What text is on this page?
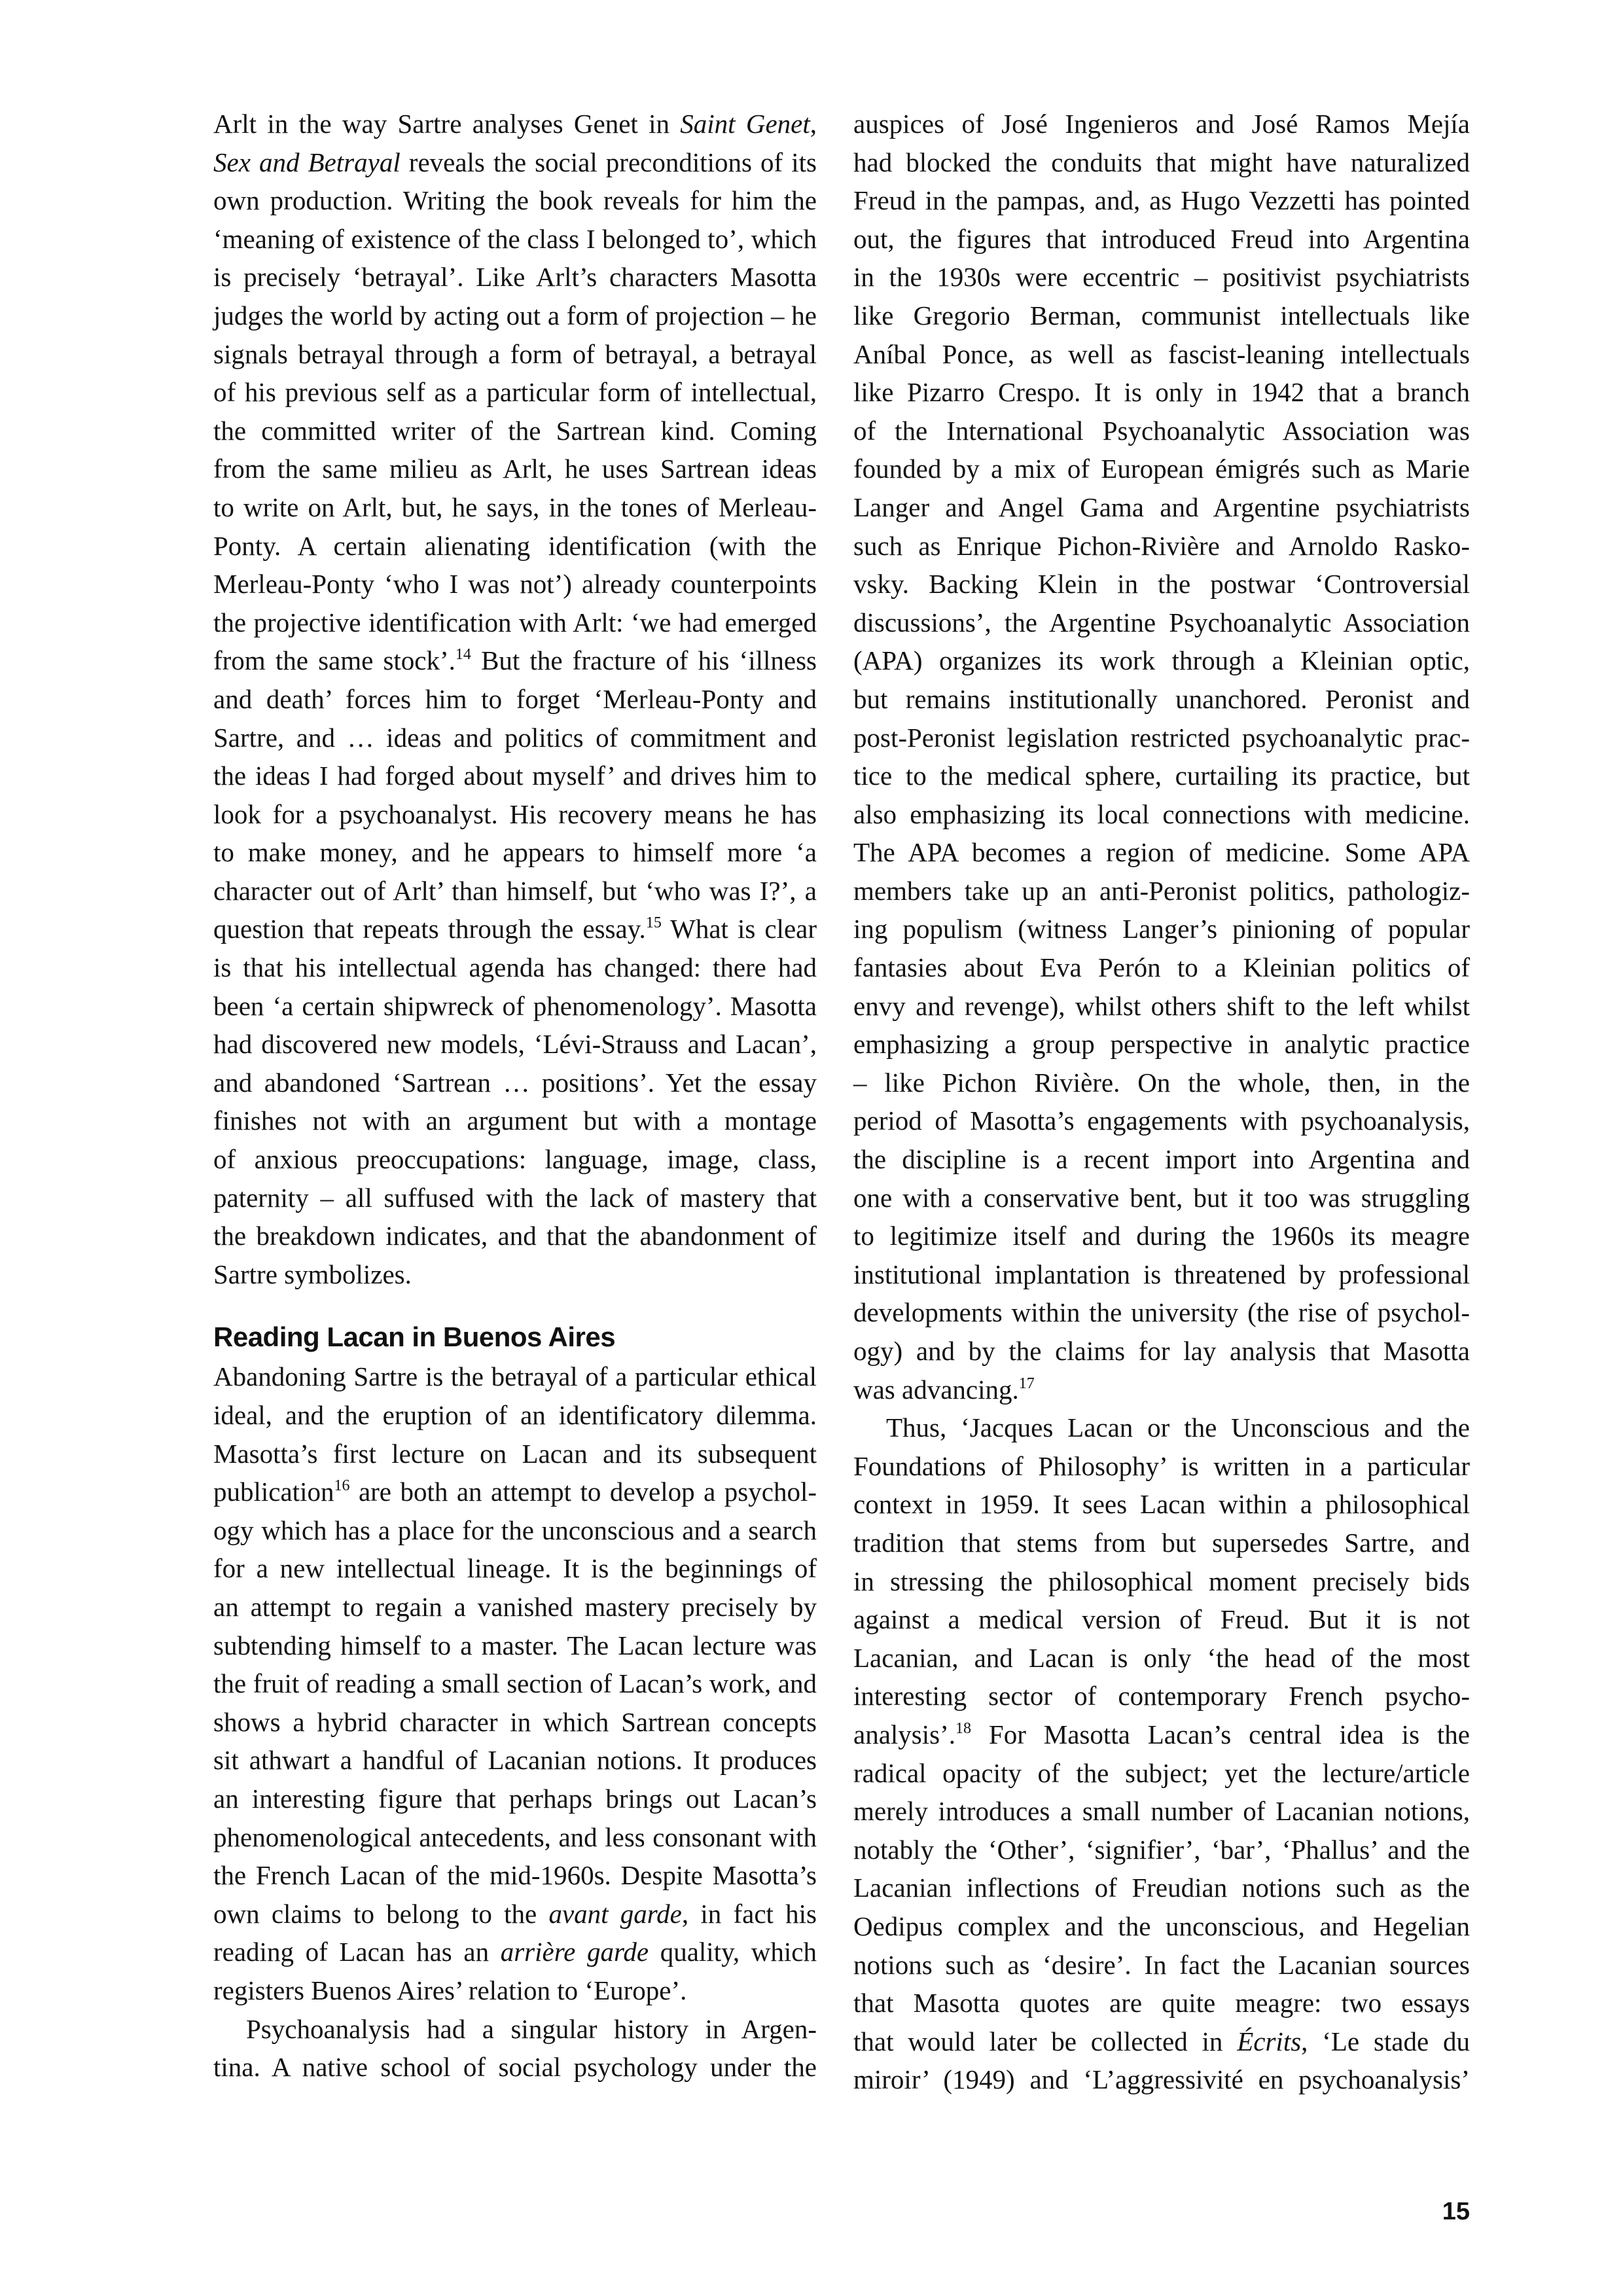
Arlt in the way Sartre analyses Genet in Saint Genet,
Sex and Betrayal reveals the social preconditions of its
own production. Writing the book reveals for him the
‘meaning of existence of the class I belonged to’, which
is precisely ‘betrayal’. Like Arlt’s characters Masotta
judges the world by acting out a form of projection – he
signals betrayal through a form of betrayal, a betrayal
of his previous self as a particular form of intellectual,
the committed writer of the Sartrean kind. Coming
from the same milieu as Arlt, he uses Sartrean ideas
to write on Arlt, but, he says, in the tones of Merleau-
Ponty. A certain alienating identification (with the
Merleau-Ponty ‘who I was not’) already counterpoints
the projective identification with Arlt: ‘we had emerged
from the same stock’.$^{14}$ But the fracture of his ‘illness
and death’ forces him to forget ‘Merleau-Ponty and
Sartre, and … ideas and politics of commitment and
the ideas I had forged about myself’ and drives him to
look for a psychoanalyst. His recovery means he has
to make money, and he appears to himself more ‘a
character out of Arlt’ than himself, but ‘who was I?’, a
question that repeats through the essay.$^{15}$ What is clear
is that his intellectual agenda has changed: there had
been ‘a certain shipwreck of phenomenology’. Masotta
had discovered new models, ‘Lévi-Strauss and Lacan’,
and abandoned ‘Sartrean … positions’. Yet the essay
finishes not with an argument but with a montage
of anxious preoccupations: language, image, class,
paternity – all suffused with the lack of mastery that
the breakdown indicates, and that the abandonment of
Sartre symbolizes.
Reading Lacan in Buenos Aires
Abandoning Sartre is the betrayal of a particular ethical
ideal, and the eruption of an identificatory dilemma.
Masotta’s first lecture on Lacan and its subsequent
publication$^{16}$ are both an attempt to develop a psychol-
ogy which has a place for the unconscious and a search
for a new intellectual lineage. It is the beginnings of
an attempt to regain a vanished mastery precisely by
subtending himself to a master. The Lacan lecture was
the fruit of reading a small section of Lacan’s work, and
shows a hybrid character in which Sartrean concepts
sit athwart a handful of Lacanian notions. It produces
an interesting figure that perhaps brings out Lacan’s
phenomenological antecedents, and less consonant with
the French Lacan of the mid-1960s. Despite Masotta’s
own claims to belong to the avant garde, in fact his
reading of Lacan has an arrière garde quality, which
registers Buenos Aires’ relation to ‘Europe’.
Psychoanalysis had a singular history in Argen-
tina. A native school of social psychology under the
auspices of José Ingenieros and José Ramos Mejía
had blocked the conduits that might have naturalized
Freud in the pampas, and, as Hugo Vezzetti has pointed
out, the figures that introduced Freud into Argentina
in the 1930s were eccentric – positivist psychiatrists
like Gregorio Berman, communist intellectuals like
Aníbal Ponce, as well as fascist-leaning intellectuals
like Pizarro Crespo. It is only in 1942 that a branch
of the International Psychoanalytic Association was
founded by a mix of European émigrés such as Marie
Langer and Angel Gama and Argentine psychiatrists
such as Enrique Pichon-Rivière and Arnoldo Rasko-
vsky. Backing Klein in the postwar ‘Controversial
discussions’, the Argentine Psychoanalytic Association
(APA) organizes its work through a Kleinian optic,
but remains institutionally unanchored. Peronist and
post-Peronist legislation restricted psychoanalytic prac-
tice to the medical sphere, curtailing its practice, but
also emphasizing its local connections with medicine.
The APA becomes a region of medicine. Some APA
members take up an anti-Peronist politics, pathologiz-
ing populism (witness Langer’s pinioning of popular
fantasies about Eva Perón to a Kleinian politics of
envy and revenge), whilst others shift to the left whilst
emphasizing a group perspective in analytic practice
– like Pichon Rivière. On the whole, then, in the
period of Masotta’s engagements with psychoanalysis,
the discipline is a recent import into Argentina and
one with a conservative bent, but it too was struggling
to legitimize itself and during the 1960s its meagre
institutional implantation is threatened by professional
developments within the university (the rise of psychol-
ogy) and by the claims for lay analysis that Masotta
was advancing.$^{17}$
Thus, ‘Jacques Lacan or the Unconscious and the
Foundations of Philosophy’ is written in a particular
context in 1959. It sees Lacan within a philosophical
tradition that stems from but supersedes Sartre, and
in stressing the philosophical moment precisely bids
against a medical version of Freud. But it is not
Lacanian, and Lacan is only ‘the head of the most
interesting sector of contemporary French psycho-
analysis’.$^{18}$ For Masotta Lacan’s central idea is the
radical opacity of the subject; yet the lecture/article
merely introduces a small number of Lacanian notions,
notably the ‘Other’, ‘signifier’, ‘bar’, ‘Phallus’ and the
Lacanian inflections of Freudian notions such as the
Oedipus complex and the unconscious, and Hegelian
notions such as ‘desire’. In fact the Lacanian sources
that Masotta quotes are quite meagre: two essays
that would later be collected in Écrits, ‘Le stade du
miroir’ (1949) and ‘L’aggressivité en psychoanalysis’
15
